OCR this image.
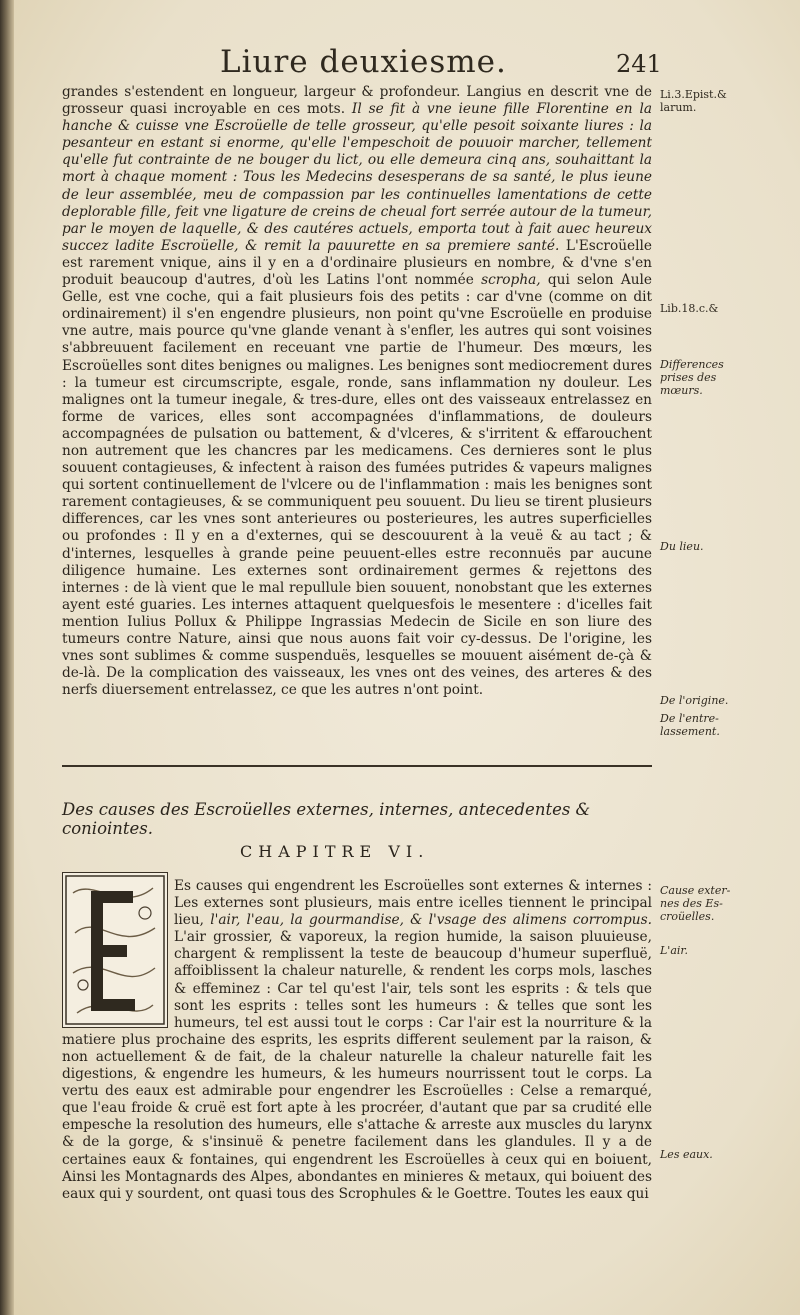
Liure deuxiesme.	241

grandes s'estendent en longueur, largeur & profondeur. Langius en descrit vne de grosseur quasi incroyable en ces mots. Il se fit à vne ieune fille Florentine en la hanche & cuisse vne Escroüelle de telle grosseur, qu'elle pesoit soixante liures : la pesanteur en estant si enorme, qu'elle l'empeschoit de pouuoir marcher, tellement qu'elle fut contrainte de ne bouger du lict, ou elle demeura cinq ans, souhaittant la mort à chaque moment : Tous les Medecins desesperans de sa santé, le plus ieune de leur assemblée, meu de compassion par les continuelles lamentations de cette deplorable fille, feit vne ligature de creins de cheual fort serrée autour de la tumeur, par le moyen de laquelle, & des cautéres actuels, emporta tout à fait auec heureux succez ladite Escroüelle, & remit la pauurette en sa premiere santé. L'Escroüelle est rarement vnique, ains il y en a d'ordinaire plusieurs en nombre, & d'vne s'en produit beaucoup d'autres, d'où les Latins l'ont nommée scropha, qui selon Aule Gelle, est vne coche, qui a fait plusieurs fois des petits : car d'vne (comme on dit ordinairement) il s'en engendre plusieurs, non point qu'vne Escroüelle en produise vne autre, mais pource qu'vne glande venant à s'enfler, les autres qui sont voisines s'abbreuuent facilement en receuant vne partie de l'humeur. Des mœurs, les Escroüelles sont dites benignes ou malignes. Les benignes sont mediocrement dures : la tumeur est circumscripte, esgale, ronde, sans inflammation ny douleur. Les malignes ont la tumeur inegale, & tres-dure, elles ont des vaisseaux entrelassez en forme de varices, elles sont accompagnées d'inflammations, de douleurs accompagnées de pulsation ou battement, & d'vlceres, & s'irritent & effarouchent non autrement que les chancres par les medicamens. Ces dernieres sont le plus souuent contagieuses, & infectent à raison des fumées putrides & vapeurs malignes qui sortent continuellement de l'vlcere ou de l'inflammation : mais les benignes sont rarement contagieuses, & se communiquent peu souuent. Du lieu se tirent plusieurs differences, car les vnes sont anterieures ou posterieures, les autres superficielles ou profondes : Il y en a d'externes, qui se descouurent à la veuë & au tact ; & d'internes, lesquelles à grande peine peuuent-elles estre reconnuës par aucune diligence humaine. Les externes sont ordinairement germes & rejettons des internes : de là vient que le mal repullule bien souuent, nonobstant que les externes ayent esté guaries. Les internes attaquent quelquesfois le mesentere : d'icelles fait mention Iulius Pollux & Philippe Ingrassias Medecin de Sicile en son liure des tumeurs contre Nature, ainsi que nous auons fait voir cy-dessus. De l'origine, les vnes sont sublimes & comme suspenduës, lesquelles se mouuent aisément de-çà & de-là. De la complication des vaisseaux, les vnes ont des veines, des arteres & des nerfs diuersement entrelassez, ce que les autres n'ont point.

Li.3.Epist.&
larum.
Lib.18.c.&
Differences
prises des
mœurs.
Du lieu.
De l'origine.
De l'entre-
lassement.
Cause exter-
nes des Es-
croüelles.
L'air.
Les eaux.
Des causes des Escroüelles externes, internes, antecedentes & coniointes.
CHAPITRE VI.
Es causes qui engendrent les Escroüelles sont externes & internes : Les externes sont plusieurs, mais entre icelles tiennent le principal lieu, l'air, l'eau, la gourmandise, & l'vsage des alimens corrompus. L'air grossier, & vaporeux, la region humide, la saison pluuieuse, chargent & remplissent la teste de beaucoup d'humeur superfluë, affoiblissent la chaleur naturelle, & rendent les corps mols, lasches & effeminez : Car tel qu'est l'air, tels sont les esprits : & tels que sont les esprits : telles sont les humeurs : & telles que sont les humeurs, tel est aussi tout le corps : Car l'air est la nourriture & la matiere plus prochaine des esprits, les esprits different seulement par la raison, & non actuellement & de fait, de la chaleur naturelle la chaleur naturelle fait les digestions, & engendre les humeurs, & les humeurs nourrissent tout le corps. La vertu des eaux est admirable pour engendrer les Escroüelles : Celse a remarqué, que l'eau froide & cruë est fort apte à les procréer, d'autant que par sa crudité elle empesche la resolution des humeurs, elle s'attache & arreste aux muscles du larynx & de la gorge, & s'insinuë & penetre facilement dans les glandules. Il y a de certaines eaux & fontaines, qui engendrent les Escroüelles à ceux qui en boiuent, Ainsi les Montagnards des Alpes, abondantes en minieres & metaux, qui boiuent des eaux qui y sourdent, ont quasi tous des Scrophules & le Goettre. Toutes les eaux qui
